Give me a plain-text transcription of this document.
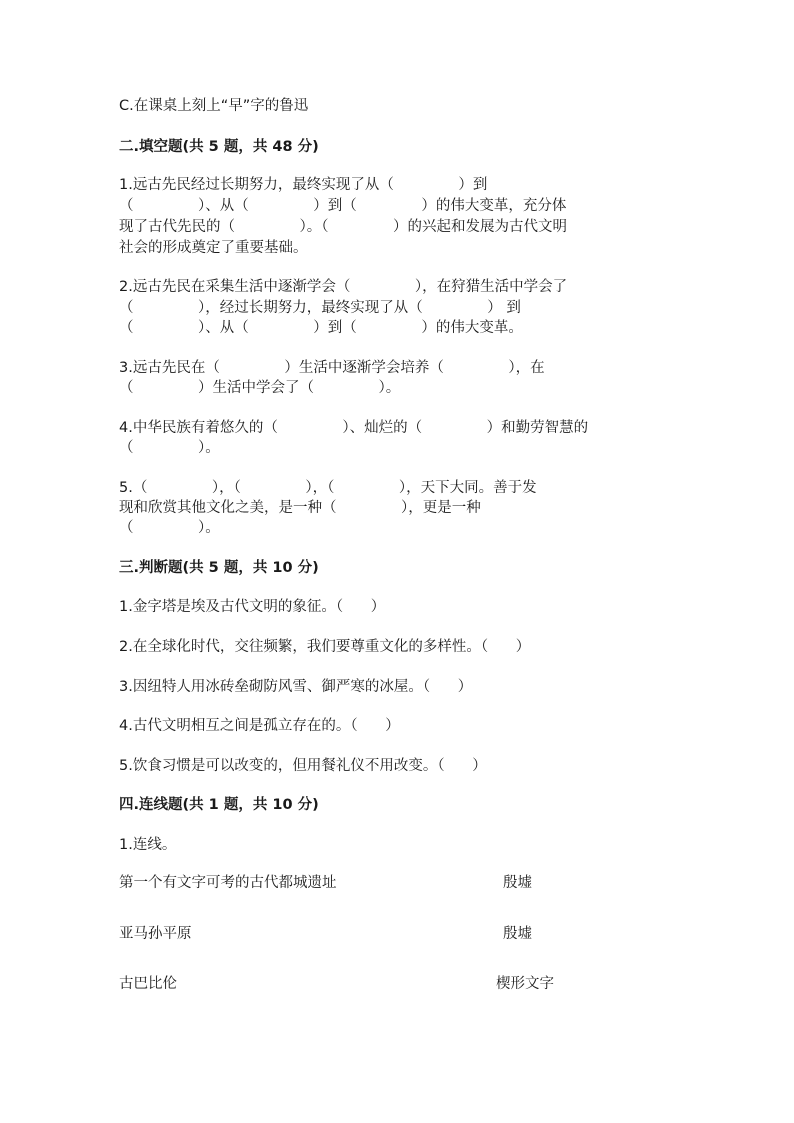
C.在课桌上刻上“早”字的鲁迅
二.填空题(共 5 题，共 48 分)
1.远古先民经过长期努力，最终实现了从（              ）到
（              ）、从（              ）到（              ）的伟大变革，充分体
现了古代先民的（              ）。（              ）的兴起和发展为古代文明
社会的形成奠定了重要基础。
2.远古先民在采集生活中逐渐学会（              ），在狩猎生活中学会了
（              ），经过长期努力，最终实现了从（              ） 到
（              ）、从（              ）到（              ）的伟大变革。
3.远古先民在（              ）生活中逐渐学会培养（              ），在
（              ）生活中学会了（              ）。
4.中华民族有着悠久的（              ）、灿烂的（              ）和勤劳智慧的
（              ）。
5.（              ），（              ），（              ），天下大同。善于发
现和欣赏其他文化之美，是一种（              ），更是一种
（              ）。
三.判断题(共 5 题，共 10 分)
1.金字塔是埃及古代文明的象征。（      ）
2.在全球化时代，交往频繁，我们要尊重文化的多样性。（      ）
3.因纽特人用冰砖垒砌防风雪、御严寒的冰屋。（      ）
4.古代文明相互之间是孤立存在的。（      ）
5.饮食习惯是可以改变的，但用餐礼仪不用改变。（      ）
四.连线题(共 1 题，共 10 分)
1.连线。
第一个有文字可考的古代都城遗址
亚马孙平原
古巴比伦
殷墟
殷墟
楔形文字
